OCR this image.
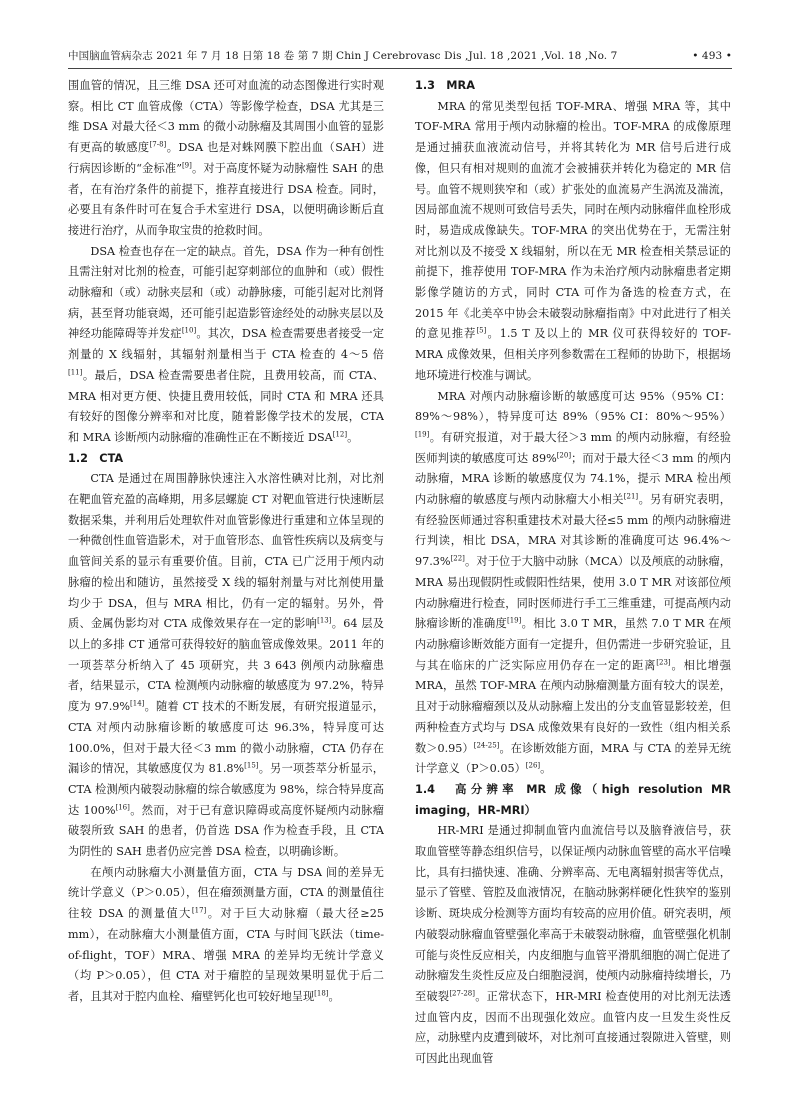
中国脑血管病杂志 2021 年 7 月 18 日第 18 卷 第 7 期 Chin J Cerebrovasc Dis ,Jul. 18 ,2021 ,Vol. 18 ,No. 7	• 493 •

围血管的情况，且三维 DSA 还可对血流的动态图像进行实时观察。相比 CT 血管成像（CTA）等影像学检查，DSA 尤其是三维 DSA 对最大径＜3 mm 的微小动脉瘤及其周围小血管的显影有更高的敏感度[7-8]。DSA 也是对蛛网膜下腔出血（SAH）进行病因诊断的“金标准”[9]。对于高度怀疑为动脉瘤性 SAH 的患者，在有治疗条件的前提下，推荐直接进行 DSA 检查。同时，必要且有条件时可在复合手术室进行 DSA，以便明确诊断后直接进行治疗，从而争取宝贵的抢救时间。

DSA 检查也存在一定的缺点。首先，DSA 作为一种有创性且需注射对比剂的检查，可能引起穿刺部位的血肿和（或）假性动脉瘤和（或）动脉夹层和（或）动静脉瘘，可能引起对比剂肾病，甚至肾功能衰竭，还可能引起造影管途经处的动脉夹层以及神经功能障碍等并发症[10]。其次，DSA 检查需要患者接受一定剂量的 X 线辐射，其辐射剂量相当于 CTA 检查的 4～5 倍[11]。最后，DSA 检查需要患者住院，且费用较高，而 CTA、MRA 相对更方便、快捷且费用较低，同时 CTA 和 MRA 还具有较好的图像分辨率和对比度，随着影像学技术的发展，CTA 和 MRA 诊断颅内动脉瘤的准确性正在不断接近 DSA[12]。

1.2　CTA

CTA 是通过在周围静脉快速注入水溶性碘对比剂，对比剂在靶血管充盈的高峰期，用多层螺旋 CT 对靶血管进行快速断层数据采集，并利用后处理软件对血管影像进行重建和立体呈现的一种微创性血管造影术，对于血管形态、血管性疾病以及病变与血管间关系的显示有重要价值。目前，CTA 已广泛用于颅内动脉瘤的检出和随访，虽然接受 X 线的辐射剂量与对比剂使用量均少于 DSA，但与 MRA 相比，仍有一定的辐射。另外，骨质、金属伪影均对 CTA 成像效果存在一定的影响[13]。64 层及以上的多排 CT 通常可获得较好的脑血管成像效果。2011 年的一项荟萃分析纳入了 45 项研究，共 3 643 例颅内动脉瘤患者，结果显示，CTA 检测颅内动脉瘤的敏感度为 97.2%，特异度为 97.9%[14]。随着 CT 技术的不断发展，有研究报道显示，CTA 对颅内动脉瘤诊断的敏感度可达 96.3%，特异度可达 100.0%，但对于最大径＜3 mm 的微小动脉瘤，CTA 仍存在漏诊的情况，其敏感度仅为 81.8%[15]。另一项荟萃分析显示，CTA 检测颅内破裂动脉瘤的综合敏感度为 98%，综合特异度高达 100%[16]。然而，对于已有意识障碍或高度怀疑颅内动脉瘤破裂所致 SAH 的患者，仍首选 DSA 作为检查手段，且 CTA 为阴性的 SAH 患者仍应完善 DSA 检查，以明确诊断。

在颅内动脉瘤大小测量值方面，CTA 与 DSA 间的差异无统计学意义（P＞0.05），但在瘤颈测量方面，CTA 的测量值往往较 DSA 的测量值大[17]。对于巨大动脉瘤（最大径≥25 mm），在动脉瘤大小测量值方面，CTA 与时间飞跃法（time-of-flight，TOF）MRA、增强 MRA 的差异均无统计学意义（均 P＞0.05），但 CTA 对于瘤腔的呈现效果明显优于后二者，且其对于腔内血栓、瘤壁钙化也可较好地呈现[18]。

1.3　MRA

MRA 的常见类型包括 TOF-MRA、增强 MRA 等，其中 TOF-MRA 常用于颅内动脉瘤的检出。TOF-MRA 的成像原理是通过捕获血液流动信号，并将其转化为 MR 信号后进行成像，但只有相对规则的血流才会被捕获并转化为稳定的 MR 信号。血管不规则狭窄和（或）扩张处的血流易产生涡流及湍流，因局部血流不规则可致信号丢失，同时在颅内动脉瘤伴血栓形成时，易造成成像缺失。TOF-MRA 的突出优势在于，无需注射对比剂以及不接受 X 线辐射，所以在无 MR 检查相关禁忌证的前提下，推荐使用 TOF-MRA 作为未治疗颅内动脉瘤患者定期影像学随访的方式，同时 CTA 可作为备选的检查方式，在 2015 年《北美卒中协会未破裂动脉瘤指南》中对此进行了相关的意见推荐[5]。1.5 T 及以上的 MR 仪可获得较好的 TOF-MRA 成像效果，但相关序列参数需在工程师的协助下，根据场地环境进行校准与调试。

MRA 对颅内动脉瘤诊断的敏感度可达 95%（95% CI：89%～98%），特异度可达 89%（95% CI：80%～95%）[19]。有研究报道，对于最大径＞3 mm 的颅内动脉瘤，有经验医师判读的敏感度可达 89%[20]；而对于最大径＜3 mm 的颅内动脉瘤，MRA 诊断的敏感度仅为 74.1%，提示 MRA 检出颅内动脉瘤的敏感度与颅内动脉瘤大小相关[21]。另有研究表明，有经验医师通过容积重建技术对最大径≤5 mm 的颅内动脉瘤进行判读，相比 DSA，MRA 对其诊断的准确度可达 96.4%～97.3%[22]。对于位于大脑中动脉（MCA）以及颅底的动脉瘤，MRA 易出现假阴性或假阳性结果，使用 3.0 T MR 对该部位颅内动脉瘤进行检查，同时医师进行手工三维重建，可提高颅内动脉瘤诊断的准确度[19]。相比 3.0 T MR，虽然 7.0 T MR 在颅内动脉瘤诊断效能方面有一定提升，但仍需进一步研究验证，且与其在临床的广泛实际应用仍存在一定的距离[23]。相比增强 MRA，虽然 TOF-MRA 在颅内动脉瘤测量方面有较大的误差，且对于动脉瘤瘤颈以及从动脉瘤上发出的分支血管显影较差，但两种检查方式均与 DSA 成像效果有良好的一致性（组内相关系数＞0.95）[24-25]。在诊断效能方面，MRA 与 CTA 的差异无统计学意义（P＞0.05）[26]。

1.4　高分辨率 MR 成像（high resolution MR imaging，HR-MRI）

HR-MRI 是通过抑制血管内血流信号以及脑脊液信号，获取血管壁等静态组织信号，以保证颅内动脉血管壁的高水平信噪比，具有扫描快速、准确、分辨率高、无电离辐射损害等优点，显示了管壁、管腔及血液情况，在脑动脉粥样硬化性狭窄的鉴别诊断、斑块成分检测等方面均有较高的应用价值。研究表明，颅内破裂动脉瘤血管壁强化率高于未破裂动脉瘤，血管壁强化机制可能与炎性反应相关，内皮细胞与血管平滑肌细胞的凋亡促进了动脉瘤发生炎性反应及白细胞浸润，使颅内动脉瘤持续增长，乃至破裂[27-28]。正常状态下，HR-MRI 检查使用的对比剂无法透过血管内皮，因而不出现强化效应。血管内皮一旦发生炎性反应，动脉壁内皮遭到破坏，对比剂可直接通过裂隙进入管壁，则可因此出现血管
